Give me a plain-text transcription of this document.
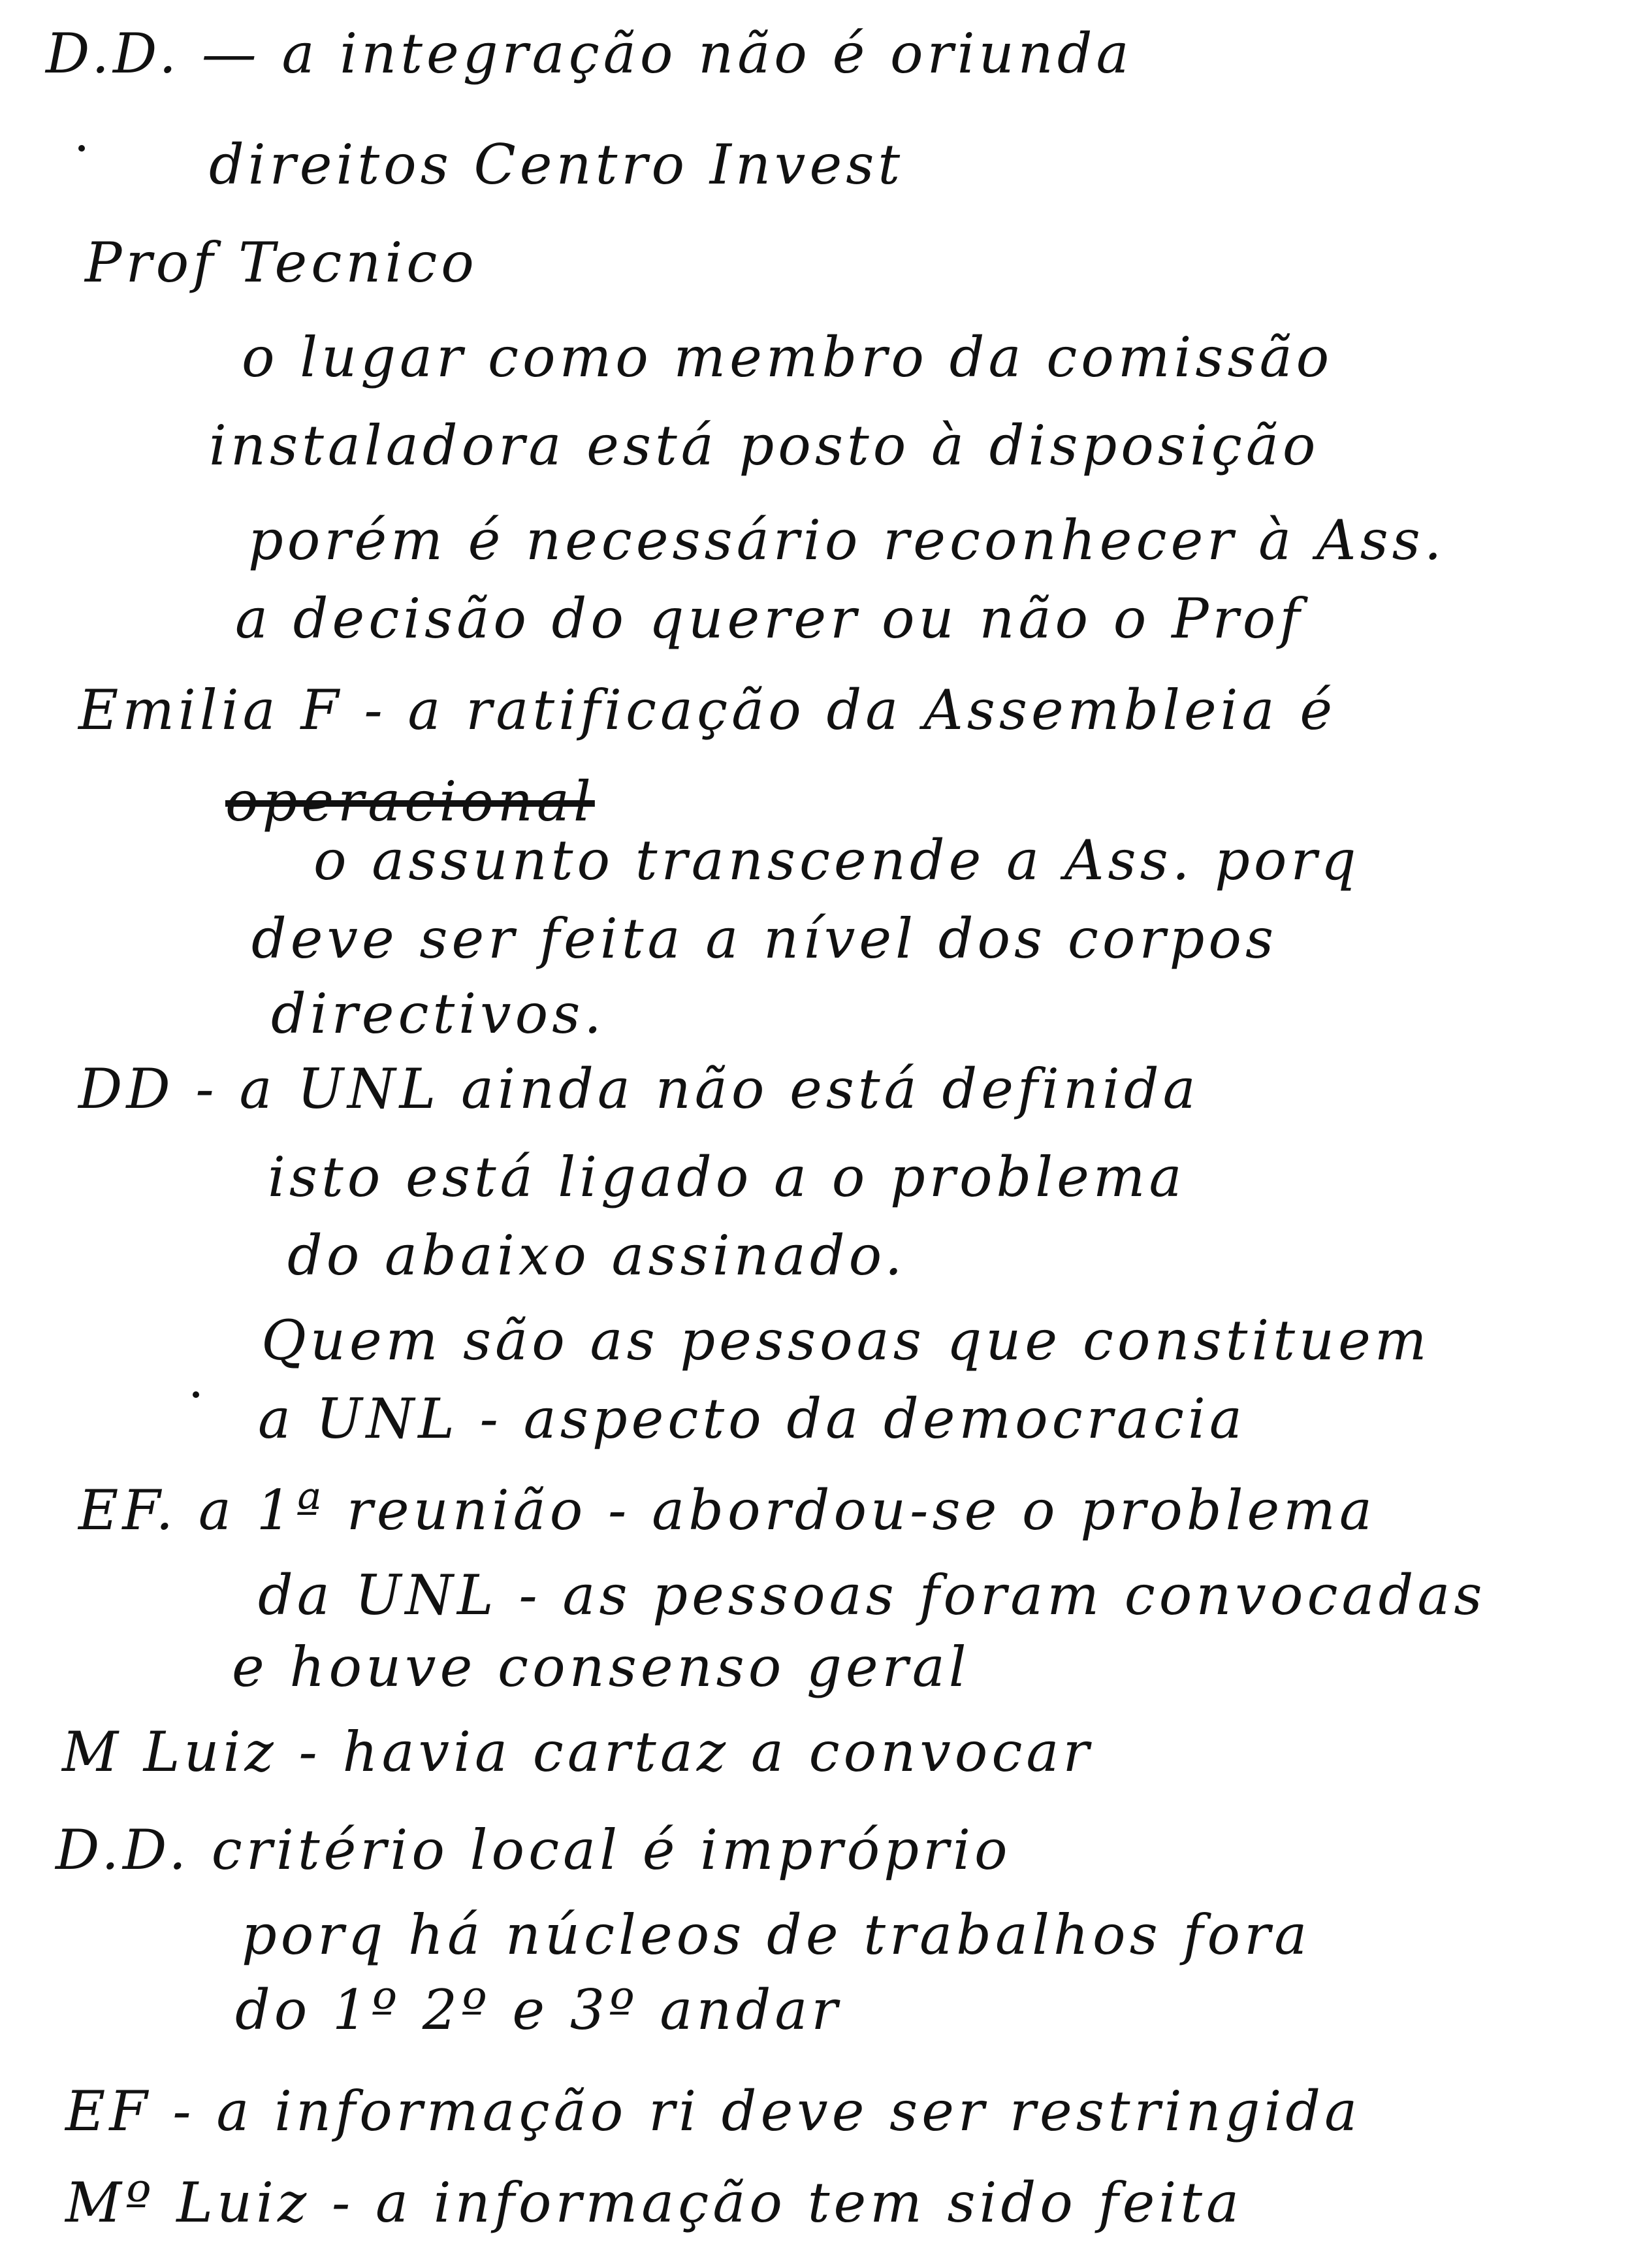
D.D. — a integração não é oriunda
direitos Centro Invest
Prof Tecnico
o lugar como membro da comissão
instaladora está posto à disposição
porém é necessário reconhecer à Ass.
a decisão do querer ou não o Prof
Emilia F - a ratificação da Assembleia é
operacional
o assunto transcende a Ass. porq
deve ser feita a nível dos corpos
directivos.
DD - a UNL ainda não está definida
isto está ligado a o problema
do abaixo assinado.
Quem são as pessoas que constituem
a UNL - aspecto da democracia
EF. a 1ª reunião - abordou-se o problema
da UNL - as pessoas foram convocadas
e houve consenso geral
M Luiz - havia cartaz a convocar
D.D. critério local é impróprio
porq há núcleos de trabalhos fora
do 1º 2º e 3º andar
EF - a informação ri deve ser restringida
Mº Luiz - a informação tem sido feita
